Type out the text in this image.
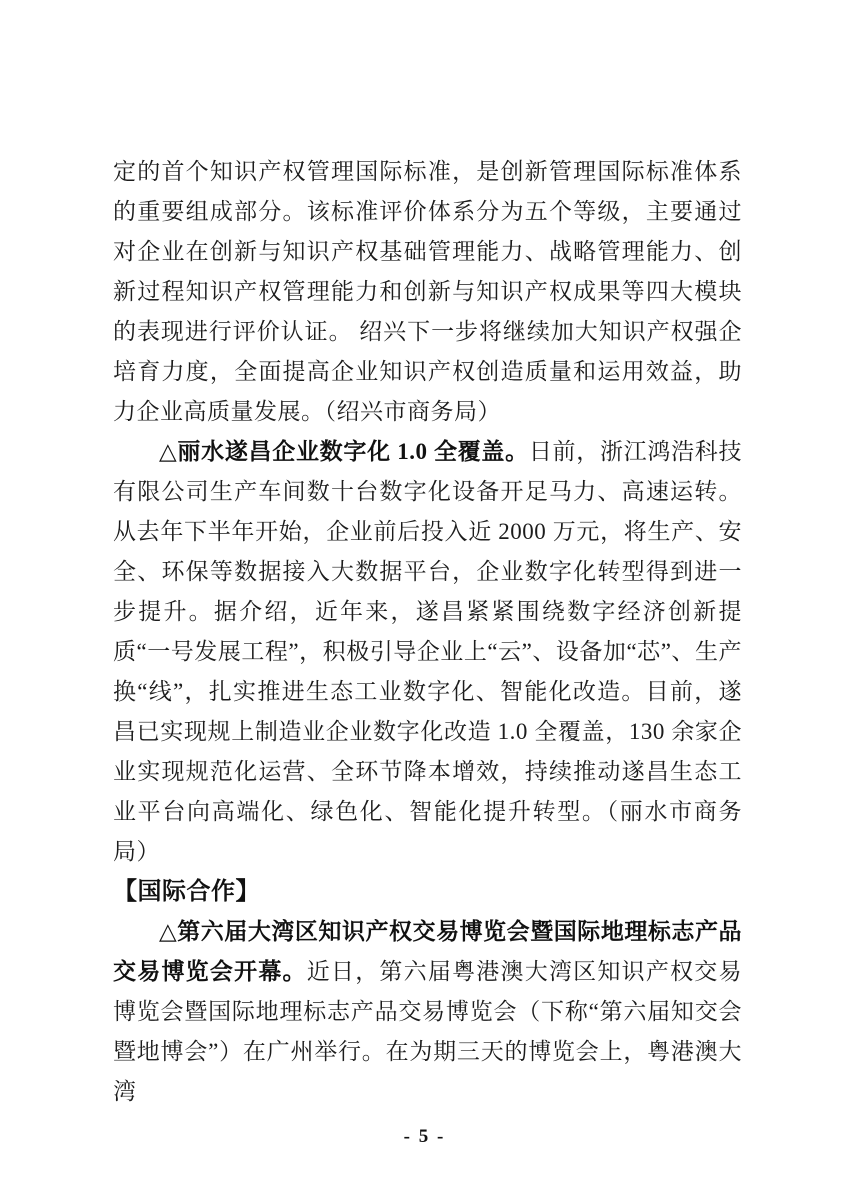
定的首个知识产权管理国际标准，是创新管理国际标准体系的重要组成部分。该标准评价体系分为五个等级，主要通过对企业在创新与知识产权基础管理能力、战略管理能力、创新过程知识产权管理能力和创新与知识产权成果等四大模块的表现进行评价认证。 绍兴下一步将继续加大知识产权强企培育力度，全面提高企业知识产权创造质量和运用效益，助力企业高质量发展。（绍兴市商务局）

△丽水遂昌企业数字化 1.0 全覆盖。日前，浙江鸿浩科技有限公司生产车间数十台数字化设备开足马力、高速运转。从去年下半年开始，企业前后投入近 2000 万元，将生产、安全、环保等数据接入大数据平台，企业数字化转型得到进一步提升。据介绍，近年来，遂昌紧紧围绕数字经济创新提质“一号发展工程”，积极引导企业上“云”、设备加“芯”、生产换“线”，扎实推进生态工业数字化、智能化改造。目前，遂昌已实现规上制造业企业数字化改造 1.0 全覆盖，130 余家企业实现规范化运营、全环节降本增效，持续推动遂昌生态工业平台向高端化、绿色化、智能化提升转型。（丽水市商务局）

【国际合作】

△第六届大湾区知识产权交易博览会暨国际地理标志产品交易博览会开幕。近日，第六届粤港澳大湾区知识产权交易博览会暨国际地理标志产品交易博览会（下称“第六届知交会暨地博会”）在广州举行。在为期三天的博览会上，粤港澳大湾

- 5 -
